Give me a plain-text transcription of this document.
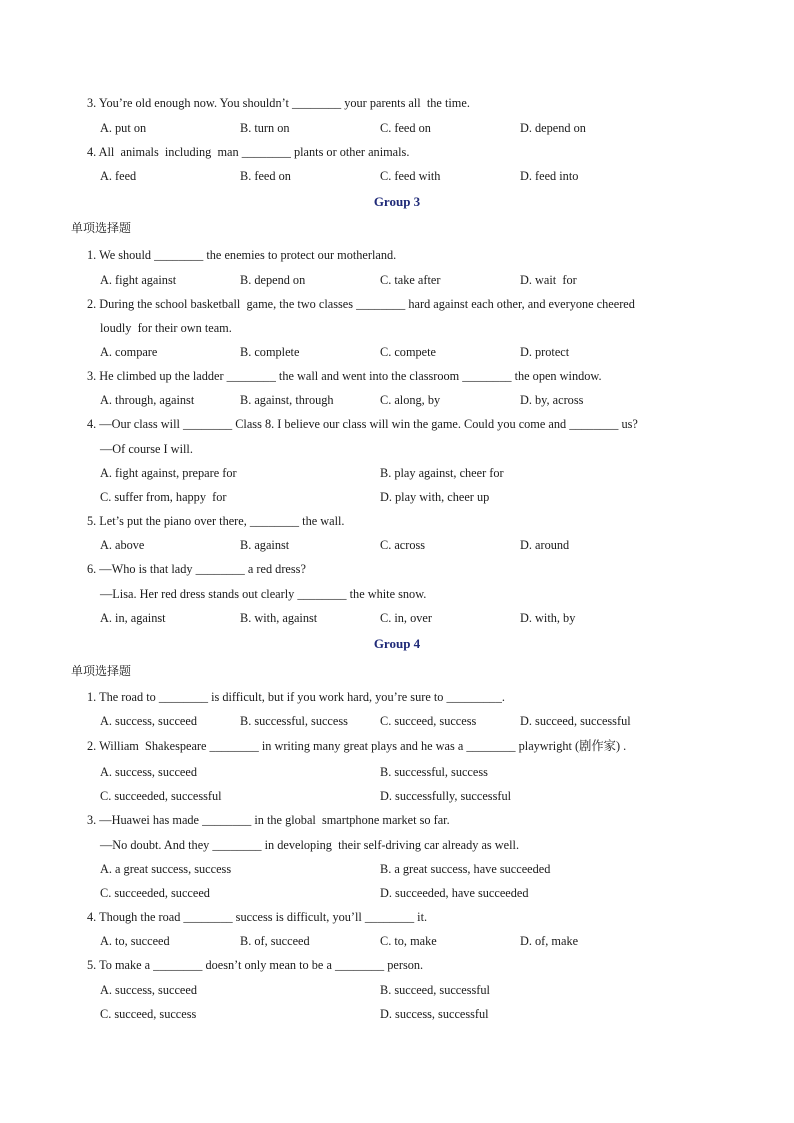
3. You’re old enough now. You shouldn’t ________ your parents all  the time.
A. put on	B. turn on	C. feed on	D. depend on
4. All  animals  including  man ________ plants or other animals.
A. feed	B. feed on	C. feed with	D. feed into
Group 3
单项选择题
1. We should ________ the enemies to protect our motherland.
A. fight against	B. depend on	C. take after	D. wait  for
2. During the school basketball  game, the two classes ________ hard against each other, and everyone cheered
loudly  for their own team.
A. compare	B. complete	C. compete	D. protect
3. He climbed up the ladder ________ the wall and went into the classroom ________ the open window.
A. through, against	B. against, through	C. along, by	D. by, across
4. —Our class will ________ Class 8. I believe our class will win the game. Could you come and ________ us?
—Of course I will.
A. fight against, prepare for	B. play against, cheer for
C. suffer from, happy  for	D. play with, cheer up
5. Let’s put the piano over there, ________ the wall.
A. above	B. against	C. across	D. around
6. —Who is that lady ________ a red dress?
—Lisa. Her red dress stands out clearly ________ the white snow.
A. in, against	B. with, against	C. in, over	D. with, by
Group 4
单项选择题
1. The road to ________ is difficult, but if you work hard, you’re sure to _________.
A. success, succeed	B. successful, success	C. succeed, success	D. succeed, successful
2. William  Shakespeare ________ in writing many great plays and he was a ________ playwright (剧作家) .
A. success, succeed	B. successful, success
C. succeeded, successful	D. successfully, successful
3. —Huawei has made ________ in the global  smartphone market so far.
—No doubt. And they ________ in developing  their self-driving car already as well.
A. a great success, success	B. a great success, have succeeded
C. succeeded, succeed	D. succeeded, have succeeded
4. Though the road ________ success is difficult, you’ll ________ it.
A. to, succeed	B. of, succeed	C. to, make	D. of, make
5. To make a ________ doesn’t only mean to be a ________ person.
A. success, succeed	B. succeed, successful
C. succeed, success	D. success, successful
